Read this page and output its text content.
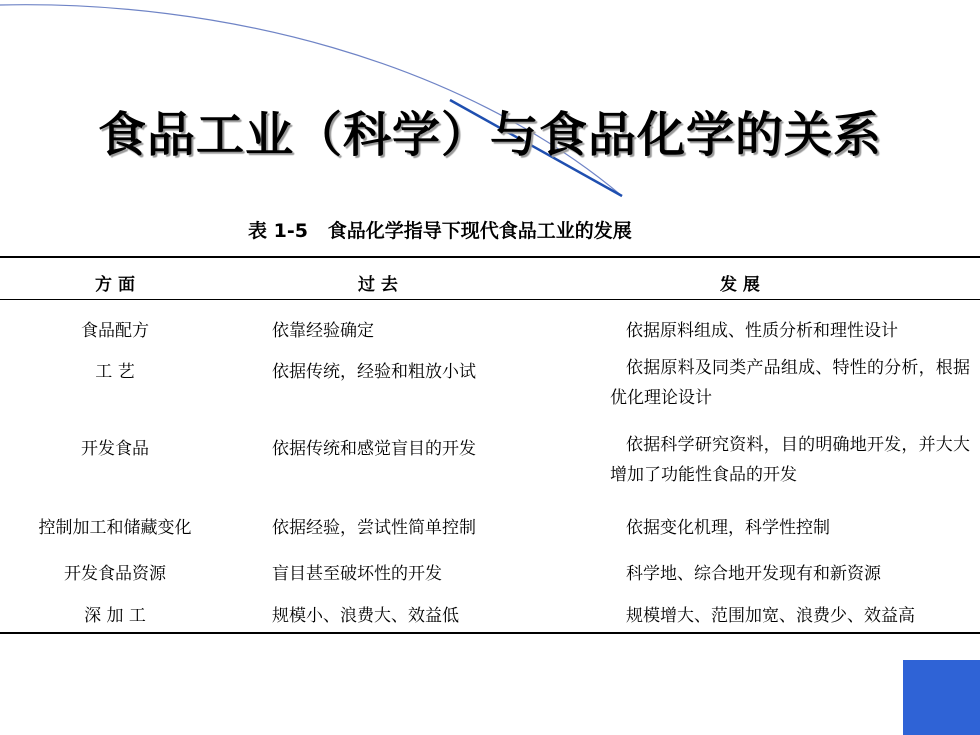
食品工业（科学）与食品化学的关系
表 1-5   食品化学指导下现代食品工业的发展
方 面	过 去	发 展
食品配方	依靠经验确定	依据原料组成、性质分析和理性设计
工 艺	依据传统，经验和粗放小试	依据原料及同类产品组成、特性的分析，根据优化理论设计
开发食品	依据传统和感觉盲目的开发	依据科学研究资料，目的明确地开发，并大大增加了功能性食品的开发
控制加工和储藏变化	依据经验，尝试性简单控制	依据变化机理，科学性控制
开发食品资源	盲目甚至破坏性的开发	科学地、综合地开发现有和新资源
深 加 工	规模小、浪费大、效益低	规模增大、范围加宽、浪费少、效益高
